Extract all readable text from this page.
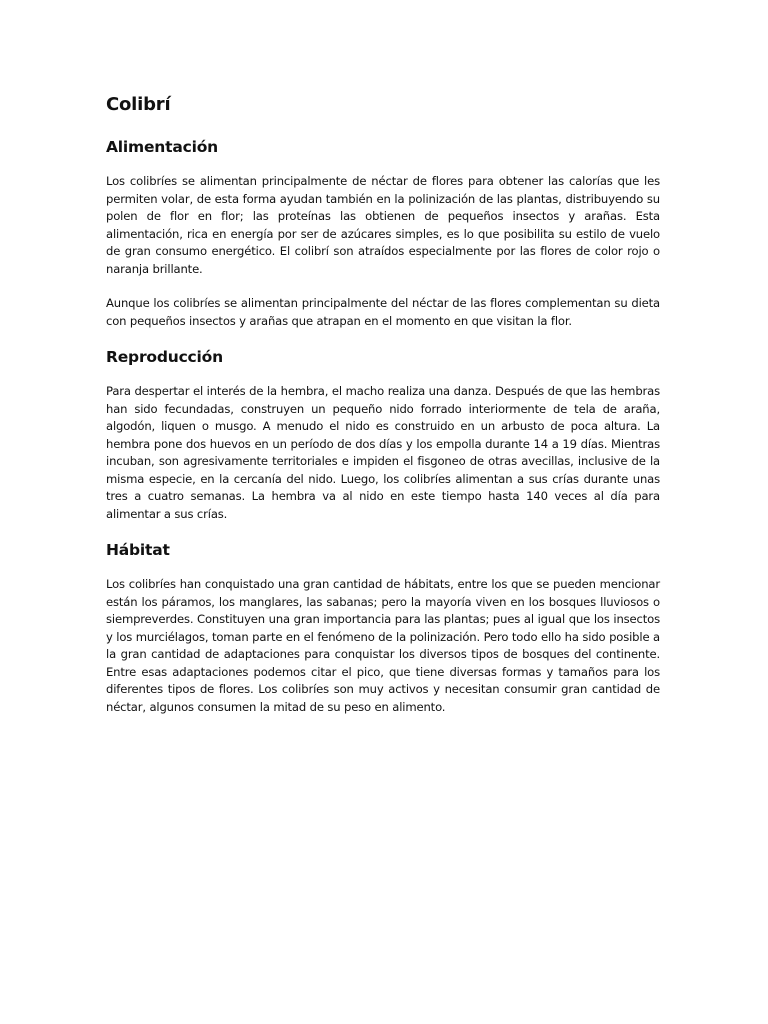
Colibrí
Alimentación

Los colibríes se alimentan principalmente de néctar de flores para obtener las calorías que les permiten volar, de esta forma ayudan también en la polinización de las plantas, distribuyendo su polen de flor en flor; las proteínas las obtienen de pequeños insectos y arañas. Esta alimentación, rica en energía por ser de azúcares simples, es lo que posibilita su estilo de vuelo de gran consumo energético. El colibrí son atraídos especialmente por las flores de color rojo o naranja brillante.

Aunque los colibríes se alimentan principalmente del néctar de las flores complementan su dieta con pequeños insectos y arañas que atrapan en el momento en que visitan la flor.

Reproducción

Para despertar el interés de la hembra, el macho realiza una danza. Después de que las hembras han sido fecundadas, construyen un pequeño nido forrado interiormente de tela de araña, algodón, liquen o musgo. A menudo el nido es construido en un arbusto de poca altura. La hembra pone dos huevos en un período de dos días y los empolla durante 14 a 19 días. Mientras incuban, son agresivamente territoriales e impiden el fisgoneo de otras avecillas, inclusive de la misma especie, en la cercanía del nido. Luego, los colibríes alimentan a sus crías durante unas tres a cuatro semanas. La hembra va al nido en este tiempo hasta 140 veces al día para alimentar a sus crías.

Hábitat

Los colibríes han conquistado una gran cantidad de hábitats, entre los que se pueden mencionar están los páramos, los manglares, las sabanas; pero la mayoría viven en los bosques lluviosos o siempreverdes. Constituyen una gran importancia para las plantas; pues al igual que los insectos y los murciélagos, toman parte en el fenómeno de la polinización. Pero todo ello ha sido posible a la gran cantidad de adaptaciones para conquistar los diversos tipos de bosques del continente. Entre esas adaptaciones podemos citar el pico, que tiene diversas formas y tamaños para los diferentes tipos de flores. Los colibríes son muy activos y necesitan consumir gran cantidad de néctar, algunos consumen la mitad de su peso en alimento.
